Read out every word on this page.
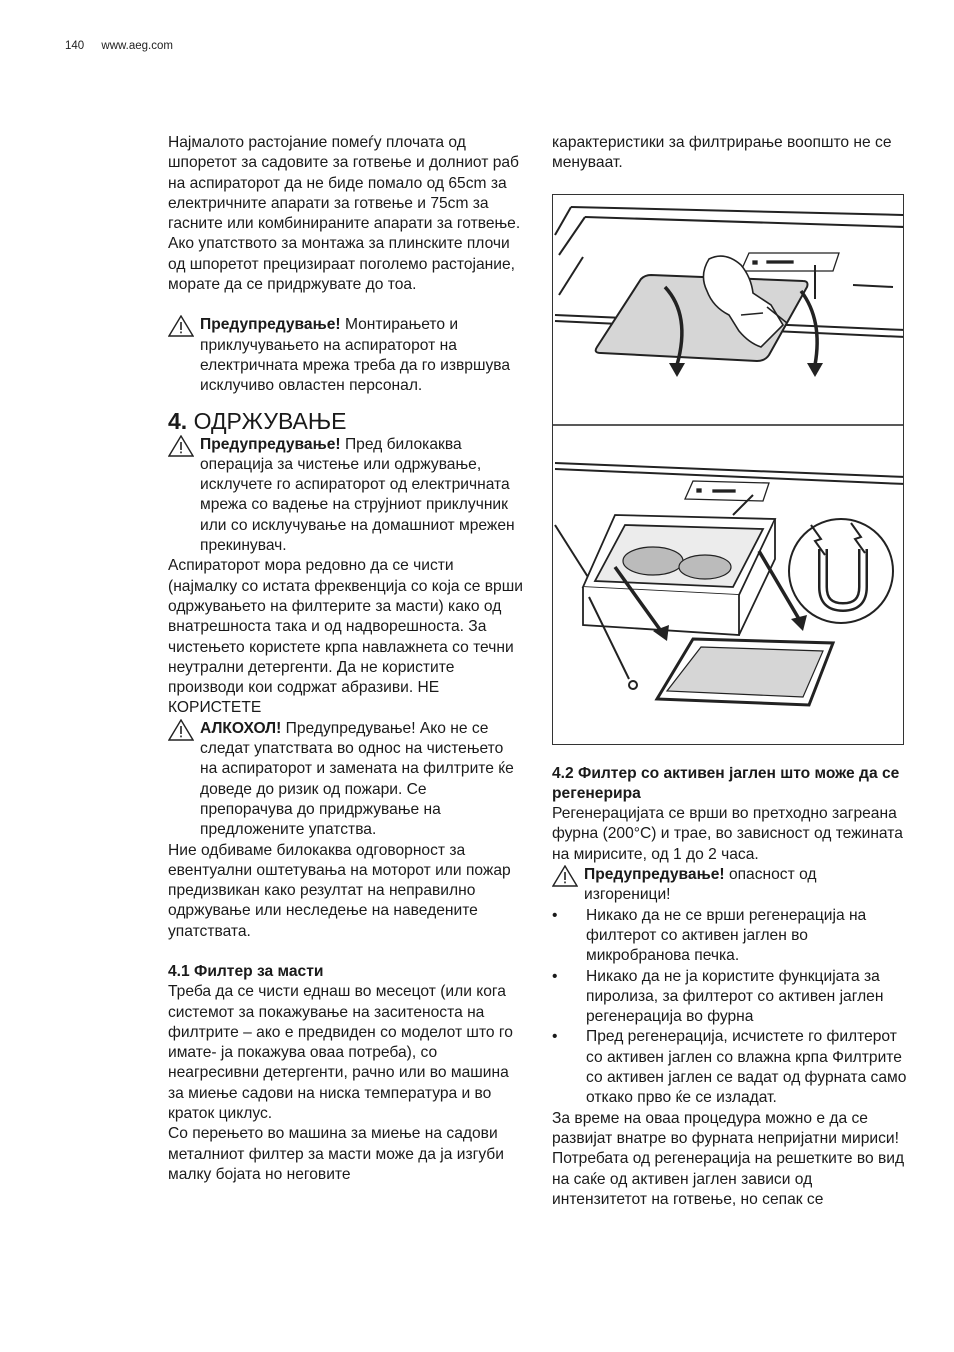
140 www.aeg.com

Најмалото растојание помеѓу плочата од шпоретот за садовите за готвење и долниот раб на аспираторот да не биде помало од 65cm за електричните апарати за готвење и 75cm за гасните или комбинираните апарати за готвење. Ако упатството за монтажа за плинските плочи од шпоретот прецизираат поголемо растојание, морате да се придржувате до тоа.

Предупредување! Монтирањето и приклучувањето на аспираторот на електричната мрежа треба да го извршува исклучиво овластен персонал.

4. ОДРЖУВАЊЕ

Предупредување! Пред билокаква операција за чистење или одржување, исклучете го аспираторот од електричната мрежа со вадење на струјниот приклучник или со исклучување на домашниот мрежен прекинувач.

Аспираторот мора редовно да се чисти (најмалку со истата фреквенција со која се врши одржувањето на филтерите за масти) како од внатрешноста така и од надворешноста. За чистењето користете крпа навлажнета со течни неутрални детергенти. Да не користите производи кои содржат абразиви. НЕ КОРИСТЕТЕ

АЛКОХОЛ! Предупредување! Ако не се следат упатствата во однос на чистењето на аспираторот и замената на филтрите ќе доведе до ризик од пожари. Се препорачува до придржување на предложените упатства.

Ние одбиваме билокаква одговорност за евентуални оштетувања на моторот или пожар предизвикан како резултат на неправилно одржување или неследење на наведените упатствата.

4.1 Филтер за масти

Треба да се чисти еднаш во месецот (или кога системот за покажување на заситеноста на филтрите – ако е предвиден со моделот што го имате- ја покажува оваа потреба), со неагресивни детергенти, рачно или во машина за миење садови на ниска температура и во краток циклус.

Со перењето во машина за миење на садови металниот филтер за масти може да ја изгуби малку бојата но неговите

карактеристики за филтрирање воопшто не се менуваат.

4.2 Филтер со активен јаглен што може да се регенерира

Регенерацијата се врши во претходно загреана фурна (200°C) и трае, во зависност од тежината на мирисите, од 1 до 2 часа.

Предупредување! опасност од изгореници!

• Никако да не се врши регенерација на филтерот со активен јаглен во микробранова печка.
• Никако да не ја користите функцијата за пиролиза, за филтерот со активен јаглен регенерација во фурна
• Пред регенерација, исчистете го филтерот со активен јаглен со влажна крпа Филтрите со активен јаглен се вадат од фурната само откако прво ќе се изладат.

За време на оваа процедура можно е да се развијат внатре во фурната непријатни мириси! Потребата од регенерација на решетките во вид на саќе од активен јаглен зависи од интензитетот на готвење, но сепак се
